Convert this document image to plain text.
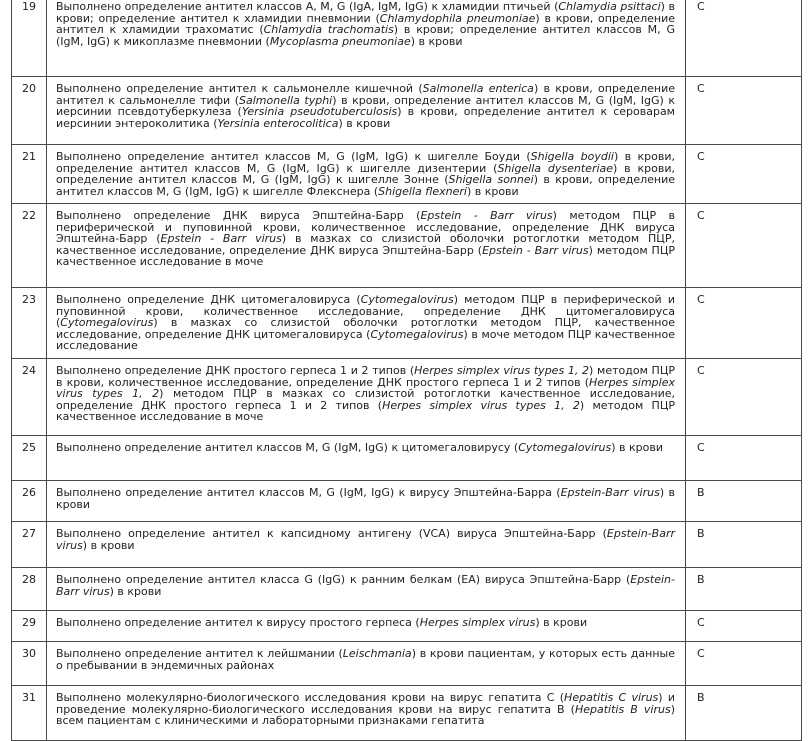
19	Выполнено определение антител классов A, M, G (IgA, IgM, IgG) к хламидии птичьей (Chlamydia psittaci) в крови; определение антител к хламидии пневмонии (Chlamydophila pneumoniae) в крови, определение антител к хламидии трахоматис (Chlamydia trachomatis) в крови; определение антител классов M, G (IgM, IgG) к микоплазме пневмонии (Mycoplasma pneumoniae) в крови	C
20	Выполнено определение антител к сальмонелле кишечной (Salmonella enterica) в крови, определение антител к сальмонелле тифи (Salmonella typhi) в крови, определение антител классов M, G (IgM, IgG) к иерсинии псевдотуберкулеза (Yersinia pseudotuberculosis) в крови, определение антител к серовaрам иерсинии энтероколитика (Yersinia enterocolitica) в крови	C
21	Выполнено определение антител классов M, G (IgM, IgG) к шигелле Боуди (Shigella boydii) в крови, определение антител классов M, G (IgM, IgG) к шигелле дизентерии (Shigella dysenteriae) в крови, определение антител классов M, G (IgM, IgG) к шигелле Зонне (Shigella sonnei) в крови, определение антител классов M, G (IgM, IgG) к шигелле Флекснера (Shigella flexneri) в крови	C
22	Выполнено определение ДНК вируса Эпштейна-Барр (Epstein - Barr virus) методом ПЦР в периферической и пуповинной крови, количественное исследование, определение ДНК вируса Эпштейна-Барр (Epstein - Barr virus) в мазках со слизистой оболочки ротоглотки методом ПЦР, качественное исследование, определение ДНК вируса Эпштейна-Барр (Epstein - Barr virus) методом ПЦР качественное исследование в моче	C
23	Выполнено определение ДНК цитомегаловируса (Cytomegalovirus) методом ПЦР в периферической и пуповинной крови, количественное исследование, определение ДНК цитомегаловируса (Cytomegalovirus) в мазках со слизистой оболочки ротоглотки методом ПЦР, качественное исследование, определение ДНК цитомегаловируса (Cytomegalovirus) в моче методом ПЦР качественное исследование	C
24	Выполнено определение ДНК простого герпеса 1 и 2 типов (Herpes simplex virus types 1, 2) методом ПЦР в крови, количественное исследование, определение ДНК простого герпеса 1 и 2 типов (Herpes simplex virus types 1, 2) методом ПЦР в мазках со слизистой ротоглотки качественное исследование, определение ДНК простого герпеса 1 и 2 типов (Herpes simplex virus types 1, 2) методом ПЦР качественное исследование в моче	C
25	Выполнено определение антител классов M, G (IgM, IgG) к цитомегаловирусу (Cytomegalovirus) в крови	C
26	Выполнено определение антител классов M, G (IgM, IgG) к вирусу Эпштейна-Барра (Epstein-Barr virus) в крови	B
27	Выполнено определение антител к капсидному антигену (VCA) вируса Эпштейна-Барр (Epstein-Barr virus) в крови	B
28	Выполнено определение антител класса G (IgG) к ранним белкам (EA) вируса Эпштейна-Барр (Epstein-Barr virus) в крови	B
29	Выполнено определение антител к вирусу простого герпеса (Herpes simplex virus) в крови	C
30	Выполнено определение антител к лейшмании (Leischmania) в крови пациентам, у которых есть данные о пребывании в эндемичных районах	C
31	Выполнено молекулярно-биологического исследования крови на вирус гепатита C (Hepatitis C virus) и проведение молекулярно-биологического исследования крови на вирус гепатита B (Hepatitis B virus) всем пациентам с клиническими и лабораторными признаками гепатита	B
